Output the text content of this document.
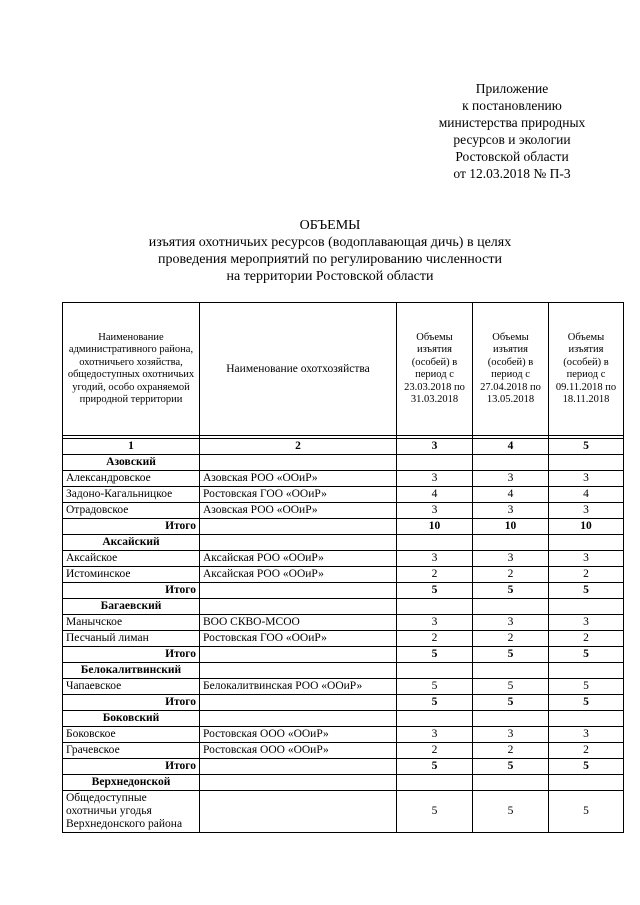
Приложение
к постановлению
министерства природных
ресурсов и экологии
Ростовской области
от 12.03.2018 № П-3
ОБЪЕМЫ
изъятия охотничьих ресурсов (водоплавающая дичь) в целях
проведения мероприятий по регулированию численности
на территории Ростовской области
Наименование административного района, охотничьего хозяйства, общедоступных охотничьих угодий, особо охраняемой природной территории	Наименование охотхозяйства	Объемы изъятия (особей) в период с 23.03.2018 по 31.03.2018	Объемы изъятия (особей) в период с 27.04.2018 по 13.05.2018	Объемы изъятия (особей) в период с 09.11.2018 по 18.11.2018

1	2	3	4	5
Азовский				
Александровское	Азовская РОО «ООиР»	3	3	3
Задоно-Кагальницкое	Ростовская ГОО «ООиР»	4	4	4
Отрадовское	Азовская РОО «ООиР»	3	3	3
Итого		10	10	10
Аксайский				
Аксайское	Аксайская РОО «ООиР»	3	3	3
Истоминское	Аксайская РОО «ООиР»	2	2	2
Итого		5	5	5
Багаевский				
Манычское	ВОО СКВО-МСОО	3	3	3
Песчаный лиман	Ростовская ГОО «ООиР»	2	2	2
Итого		5	5	5
Белокалитвинский				
Чапаевское	Белокалитвинская РОО «ООиР»	5	5	5
Итого		5	5	5
Боковский				
Боковское	Ростовская ООО «ООиР»	3	3	3
Грачевское	Ростовская ООО «ООиР»	2	2	2
Итого		5	5	5
Верхнедонской				
Общедоступные охотничьи угодья Верхнедонского района		5	5	5
